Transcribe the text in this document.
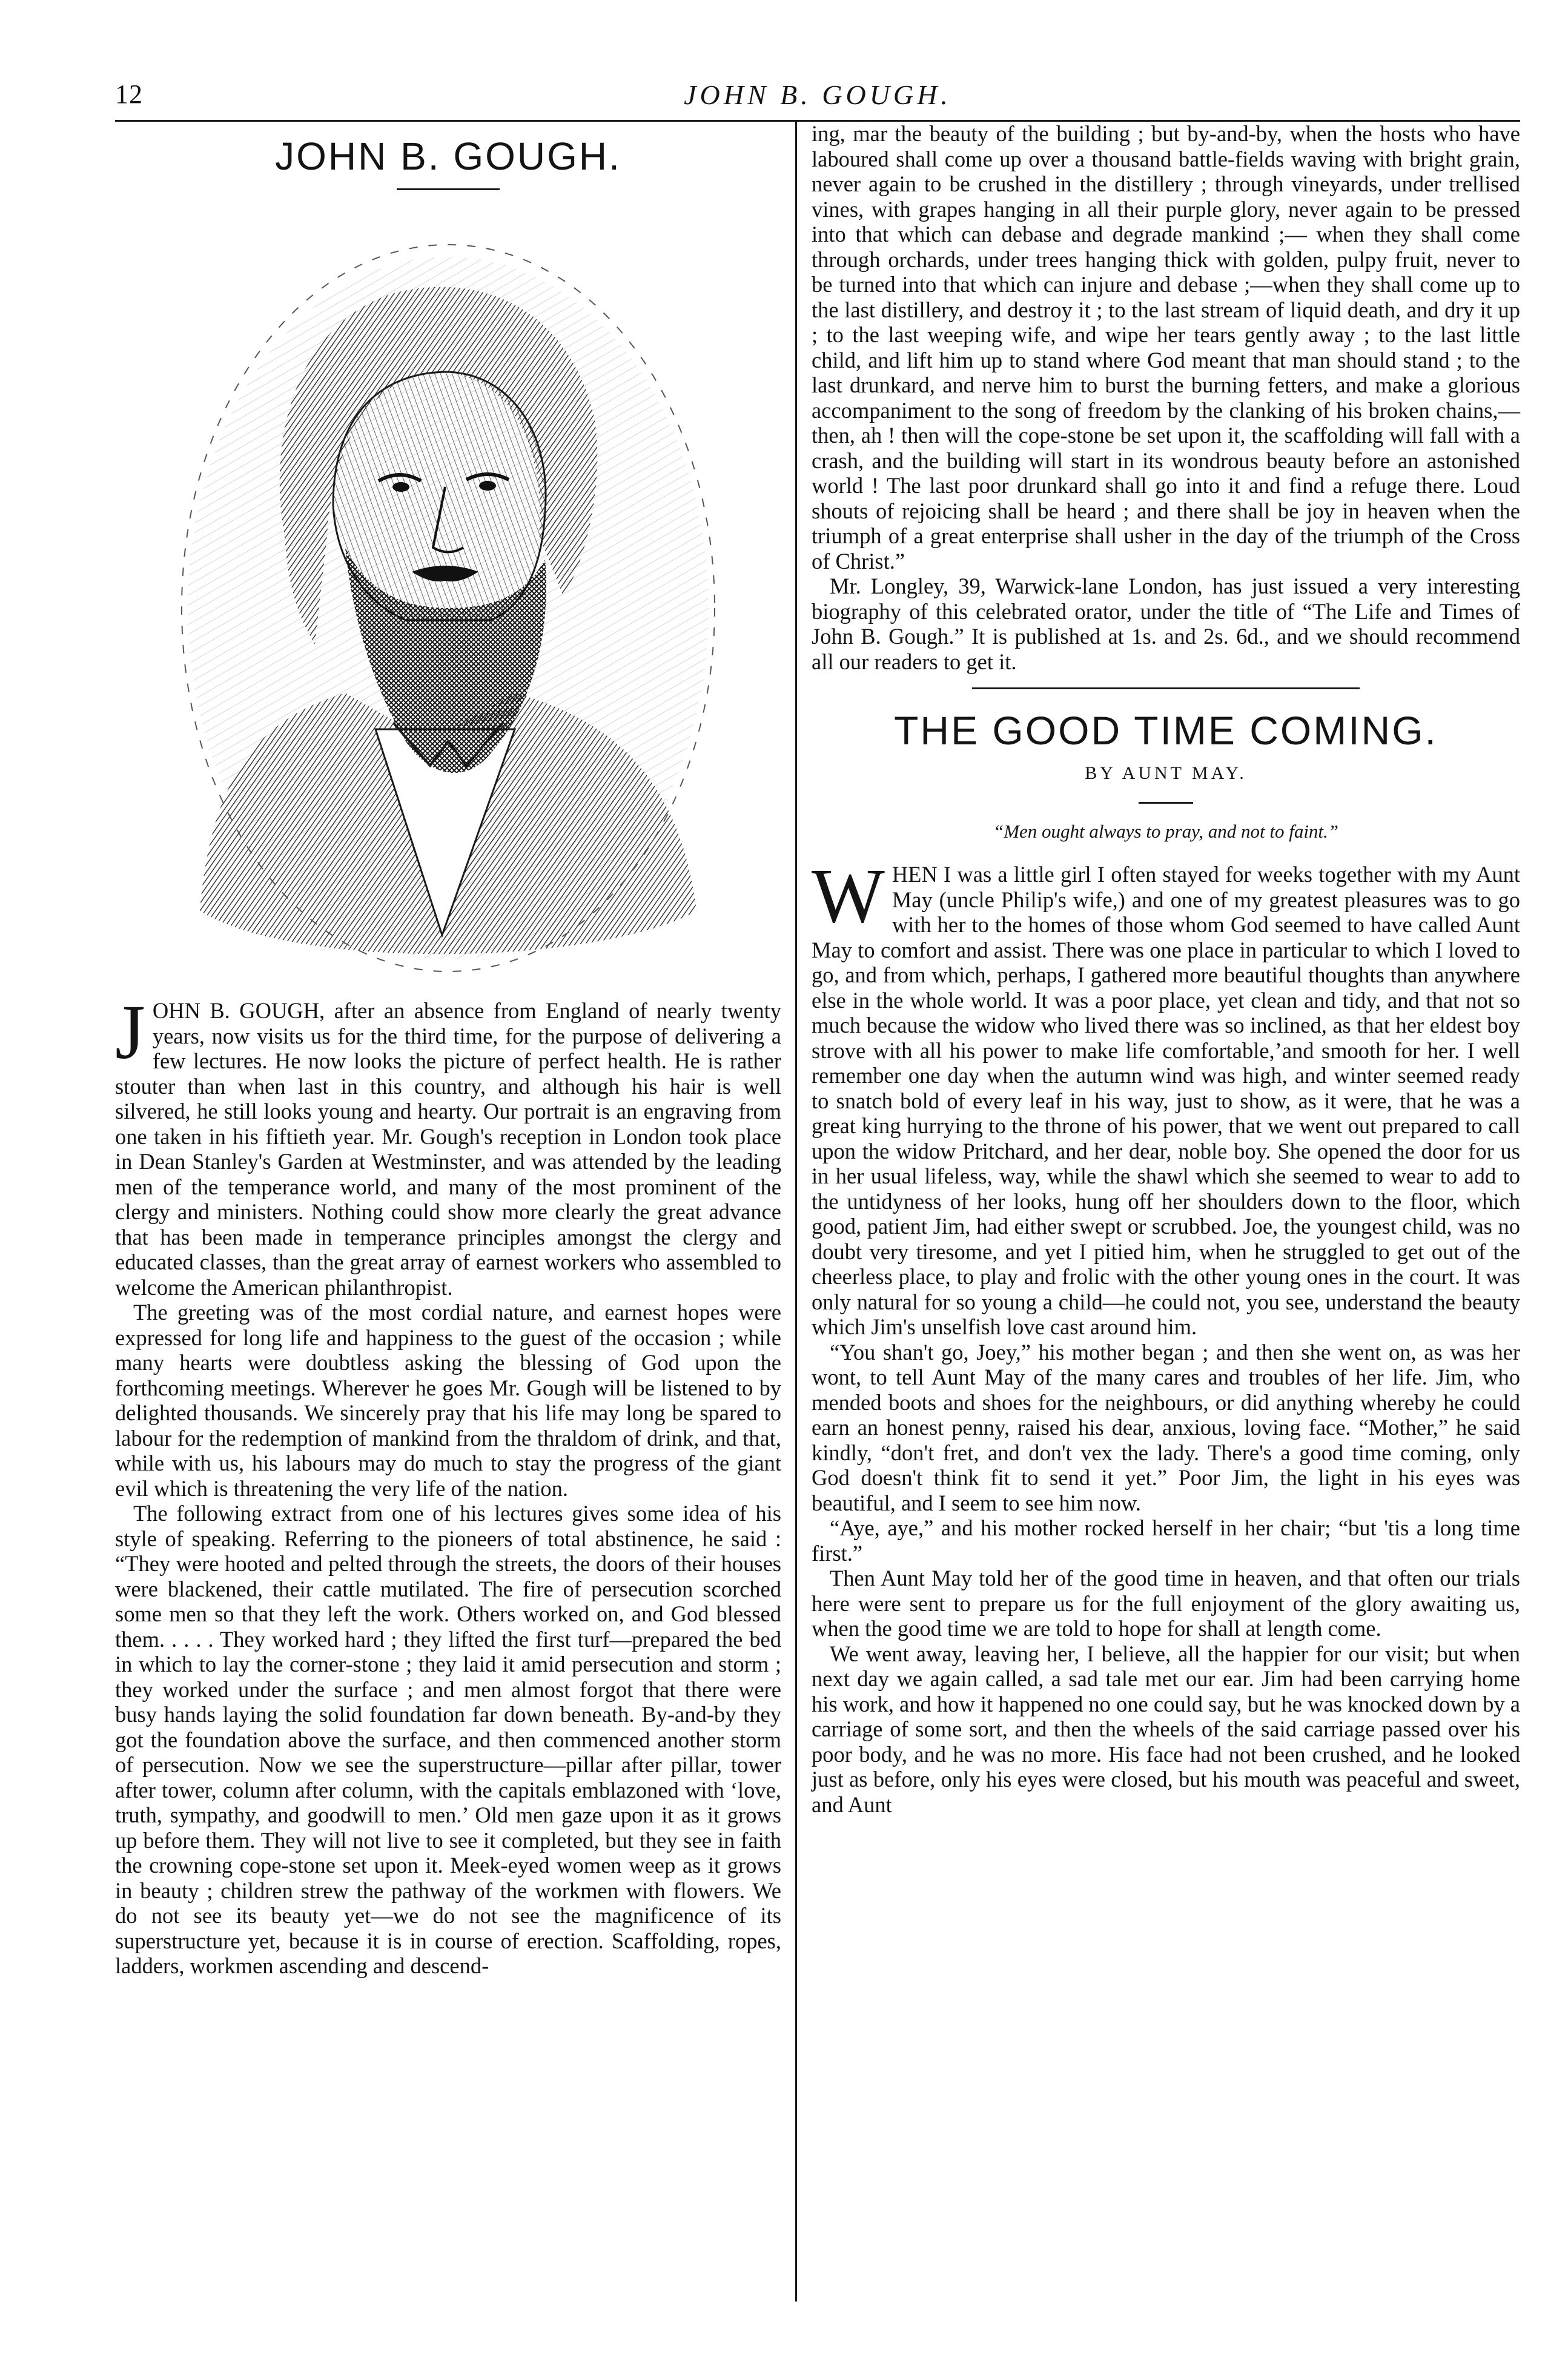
12	JOHN B. GOUGH.
JOHN B. GOUGH.

J OHN B. GOUGH, after an absence from England of nearly twenty years, now visits us for the third time, for the purpose of delivering a few lectures. He now looks the picture of perfect health. He is rather stouter than when last in this country, and although his hair is well silvered, he still looks young and hearty. Our portrait is an engraving from one taken in his fiftieth year. Mr. Gough's reception in London took place in Dean Stanley's Garden at Westminster, and was attended by the leading men of the temperance world, and many of the most prominent of the clergy and ministers. Nothing could show more clearly the great advance that has been made in temperance principles amongst the clergy and educated classes, than the great array of earnest workers who assembled to welcome the American philanthropist.

The greeting was of the most cordial nature, and earnest hopes were expressed for long life and happiness to the guest of the occasion ; while many hearts were doubtless asking the blessing of God upon the forthcoming meetings. Wherever he goes Mr. Gough will be listened to by delighted thousands. We sincerely pray that his life may long be spared to labour for the redemption of mankind from the thraldom of drink, and that, while with us, his labours may do much to stay the progress of the giant evil which is threatening the very life of the nation.

The following extract from one of his lectures gives some idea of his style of speaking. Referring to the pioneers of total abstinence, he said : “They were hooted and pelted through the streets, the doors of their houses were blackened, their cattle mutilated. The fire of persecution scorched some men so that they left the work. Others worked on, and God blessed them. . . . . They worked hard ; they lifted the first turf—prepared the bed in which to lay the corner-stone ; they laid it amid persecution and storm ; they worked under the surface ; and men almost forgot that there were busy hands laying the solid foundation far down beneath. By-and-by they got the foundation above the surface, and then commenced another storm of persecution. Now we see the superstructure—pillar after pillar, tower after tower, column after column, with the capitals emblazoned with ‘love, truth, sympathy, and goodwill to men.’ Old men gaze upon it as it grows up before them. They will not live to see it completed, but they see in faith the crowning cope-stone set upon it. Meek-eyed women weep as it grows in beauty ; children strew the pathway of the workmen with flowers. We do not see its beauty yet—we do not see the magnificence of its superstructure yet, because it is in course of erection. Scaffolding, ropes, ladders, workmen ascending and descend-

ing, mar the beauty of the building ; but by-and-by, when the hosts who have laboured shall come up over a thousand battle-fields waving with bright grain, never again to be crushed in the distillery ; through vineyards, under trellised vines, with grapes hanging in all their purple glory, never again to be pressed into that which can debase and degrade mankind ;— when they shall come through orchards, under trees hanging thick with golden, pulpy fruit, never to be turned into that which can injure and debase ;—when they shall come up to the last distillery, and destroy it ; to the last stream of liquid death, and dry it up ; to the last weeping wife, and wipe her tears gently away ; to the last little child, and lift him up to stand where God meant that man should stand ; to the last drunkard, and nerve him to burst the burning fetters, and make a glorious accompaniment to the song of freedom by the clanking of his broken chains,—then, ah ! then will the cope-stone be set upon it, the scaffolding will fall with a crash, and the building will start in its wondrous beauty before an astonished world ! The last poor drunkard shall go into it and find a refuge there. Loud shouts of rejoicing shall be heard ; and there shall be joy in heaven when the triumph of a great enterprise shall usher in the day of the triumph of the Cross of Christ.”

Mr. Longley, 39, Warwick-lane London, has just issued a very interesting biography of this celebrated orator, under the title of “The Life and Times of John B. Gough.” It is published at 1s. and 2s. 6d., and we should recommend all our readers to get it.

THE GOOD TIME COMING.
BY AUNT MAY.
“Men ought always to pray, and not to faint.”

W HEN I was a little girl I often stayed for weeks together with my Aunt May (uncle Philip's wife,) and one of my greatest pleasures was to go with her to the homes of those whom God seemed to have called Aunt May to comfort and assist. There was one place in particular to which I loved to go, and from which, perhaps, I gathered more beautiful thoughts than anywhere else in the whole world. It was a poor place, yet clean and tidy, and that not so much because the widow who lived there was so inclined, as that her eldest boy strove with all his power to make life comfortable,’and smooth for her. I well remember one day when the autumn wind was high, and winter seemed ready to snatch bold of every leaf in his way, just to show, as it were, that he was a great king hurrying to the throne of his power, that we went out prepared to call upon the widow Pritchard, and her dear, noble boy. She opened the door for us in her usual lifeless, way, while the shawl which she seemed to wear to add to the untidyness of her looks, hung off her shoulders down to the floor, which good, patient Jim, had either swept or scrubbed. Joe, the youngest child, was no doubt very tiresome, and yet I pitied him, when he struggled to get out of the cheerless place, to play and frolic with the other young ones in the court. It was only natural for so young a child—he could not, you see, understand the beauty which Jim's unselfish love cast around him.

“You shan't go, Joey,” his mother began ; and then she went on, as was her wont, to tell Aunt May of the many cares and troubles of her life. Jim, who mended boots and shoes for the neighbours, or did anything whereby he could earn an honest penny, raised his dear, anxious, loving face. “Mother,” he said kindly, “don't fret, and don't vex the lady. There's a good time coming, only God doesn't think fit to send it yet.” Poor Jim, the light in his eyes was beautiful, and I seem to see him now.

“Aye, aye,” and his mother rocked herself in her chair; “but 'tis a long time first.”

Then Aunt May told her of the good time in heaven, and that often our trials here were sent to prepare us for the full enjoyment of the glory awaiting us, when the good time we are told to hope for shall at length come.

We went away, leaving her, I believe, all the happier for our visit; but when next day we again called, a sad tale met our ear. Jim had been carrying home his work, and how it happened no one could say, but he was knocked down by a carriage of some sort, and then the wheels of the said carriage passed over his poor body, and he was no more. His face had not been crushed, and he looked just as before, only his eyes were closed, but his mouth was peaceful and sweet, and Aunt
